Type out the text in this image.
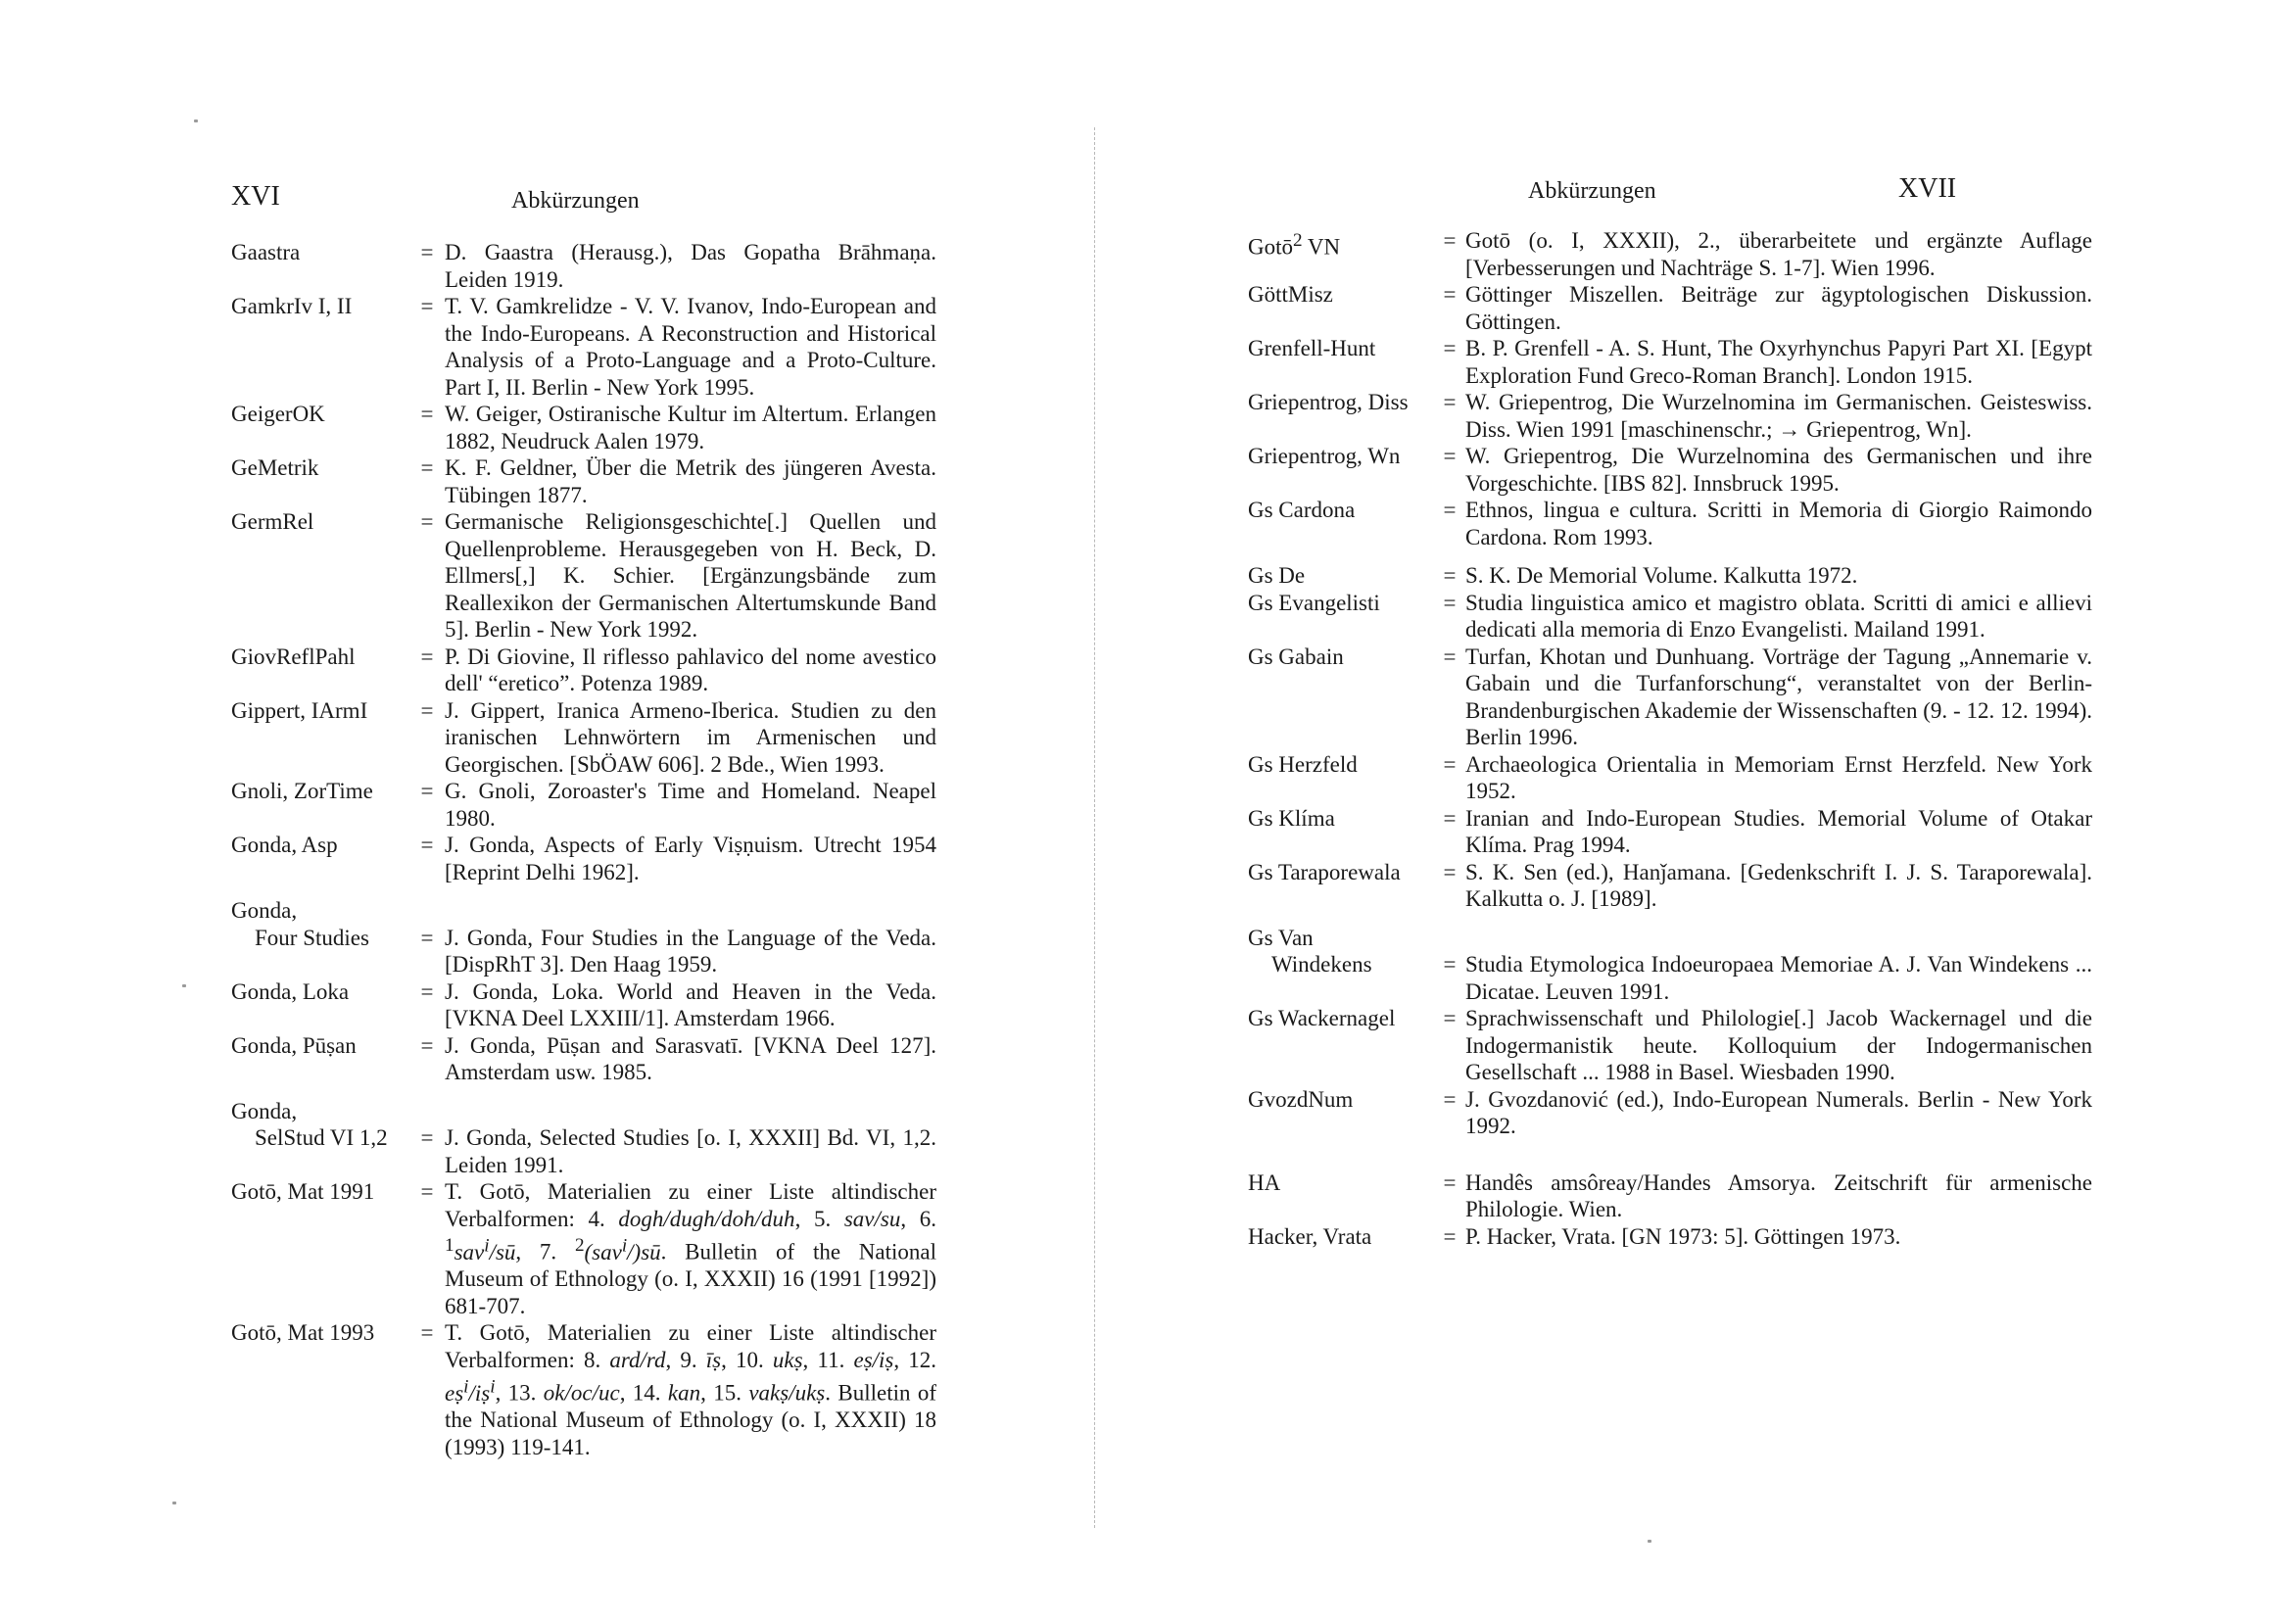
XVI	Abkürzungen
Gaastra	= D. Gaastra (Herausg.), Das Gopatha Brāhmaṇa. Leiden 1919.
GamkrIv I, II	= T. V. Gamkrelidze - V. V. Ivanov, Indo-European and the Indo-Europeans. A Reconstruction and Historical Analysis of a Proto-Language and a Proto-Culture. Part I, II. Berlin - New York 1995.
GeigerOK	= W. Geiger, Ostiranische Kultur im Altertum. Erlangen 1882, Neudruck Aalen 1979.
GeMetrik	= K. F. Geldner, Über die Metrik des jüngeren Avesta. Tübingen 1877.
GermRel	= Germanische Religionsgeschichte[.] Quellen und Quellenprobleme. Herausgegeben von H. Beck, D. Ellmers[,] K. Schier. [Ergänzungsbände zum Reallexikon der Germanischen Altertumskunde Band 5]. Berlin - New York 1992.
GiovReflPahl	= P. Di Giovine, Il riflesso pahlavico del nome avestico dell' “eretico”. Potenza 1989.
Gippert, IArmI	= J. Gippert, Iranica Armeno-Iberica. Studien zu den iranischen Lehnwörtern im Armenischen und Georgischen. [SbÖAW 606]. 2 Bde., Wien 1993.
Gnoli, ZorTime	= G. Gnoli, Zoroaster's Time and Homeland. Neapel 1980.
Gonda, Asp	= J. Gonda, Aspects of Early Viṣṇuism. Utrecht 1954 [Reprint Delhi 1962].
Gonda,
Four Studies	= J. Gonda, Four Studies in the Language of the Veda. [DispRhT 3]. Den Haag 1959.
Gonda, Loka	= J. Gonda, Loka. World and Heaven in the Veda. [VKNA Deel LXXIII/1]. Amsterdam 1966.
Gonda, Pūṣan	= J. Gonda, Pūṣan and Sarasvatī. [VKNA Deel 127]. Amsterdam usw. 1985.
Gonda,
SelStud VI 1,2	= J. Gonda, Selected Studies [o. I, XXXII] Bd. VI, 1,2. Leiden 1991.
Gotō, Mat 1991	= T. Gotō, Materialien zu einer Liste altindischer Verbalformen: 4. dogh/dugh/doh/duh, 5. sav/su, 6. $^1$sav$^i$/sū, 7. $^2$(sav$^i$/)sū. Bulletin of the National Museum of Ethnology (o. I, XXXII) 16 (1991 [1992]) 681-707.
Gotō, Mat 1993	= T. Gotō, Materialien zu einer Liste altindischer Verbalformen: 8. ard/rd, 9. īṣ, 10. ukṣ, 11. eṣ/iṣ, 12. eṣ$^i$/iṣ$^i$, 13. ok/oc/uc, 14. kan, 15. vakṣ/ukṣ. Bulletin of the National Museum of Ethnology (o. I, XXXII) 18 (1993) 119-141.
Abkürzungen	XVII
Gotō$^2$ VN	= Gotō (o. I, XXXII), 2., überarbeitete und ergänzte Auflage [Verbesserungen und Nachträge S. 1-7]. Wien 1996.
GöttMisz	= Göttinger Miszellen. Beiträge zur ägyptologischen Diskussion. Göttingen.
Grenfell-Hunt	= B. P. Grenfell - A. S. Hunt, The Oxyrhynchus Papyri Part XI. [Egypt Exploration Fund Greco-Roman Branch]. London 1915.
Griepentrog, Diss	= W. Griepentrog, Die Wurzelnomina im Germanischen. Geisteswiss. Diss. Wien 1991 [maschinenschr.; → Griepentrog, Wn].
Griepentrog, Wn	= W. Griepentrog, Die Wurzelnomina des Germanischen und ihre Vorgeschichte. [IBS 82]. Innsbruck 1995.
Gs Cardona	= Ethnos, lingua e cultura. Scritti in Memoria di Giorgio Raimondo Cardona. Rom 1993.
Gs De	= S. K. De Memorial Volume. Kalkutta 1972.
Gs Evangelisti	= Studia linguistica amico et magistro oblata. Scritti di amici e allievi dedicati alla memoria di Enzo Evangelisti. Mailand 1991.
Gs Gabain	= Turfan, Khotan und Dunhuang. Vorträge der Tagung „Annemarie v. Gabain und die Turfanforschung“, veranstaltet von der Berlin-Brandenburgischen Akademie der Wissenschaften (9. - 12. 12. 1994). Berlin 1996.
Gs Herzfeld	= Archaeologica Orientalia in Memoriam Ernst Herzfeld. New York 1952.
Gs Klíma	= Iranian and Indo-European Studies. Memorial Volume of Otakar Klíma. Prag 1994.
Gs Taraporewala	= S. K. Sen (ed.), Hanǰamana. [Gedenkschrift I. J. S. Taraporewala]. Kalkutta o. J. [1989].
Gs Van
Windekens	= Studia Etymologica Indoeuropaea Memoriae A. J. Van Windekens ... Dicatae. Leuven 1991.
Gs Wackernagel	= Sprachwissenschaft und Philologie[.] Jacob Wackernagel und die Indogermanistik heute. Kolloquium der Indogermanischen Gesellschaft ... 1988 in Basel. Wiesbaden 1990.
GvozdNum	= J. Gvozdanović (ed.), Indo-European Numerals. Berlin - New York 1992.
HA	= Handês amsôreay/Handes Amsorya. Zeitschrift für armenische Philologie. Wien.
Hacker, Vrata	= P. Hacker, Vrata. [GN 1973: 5]. Göttingen 1973.
